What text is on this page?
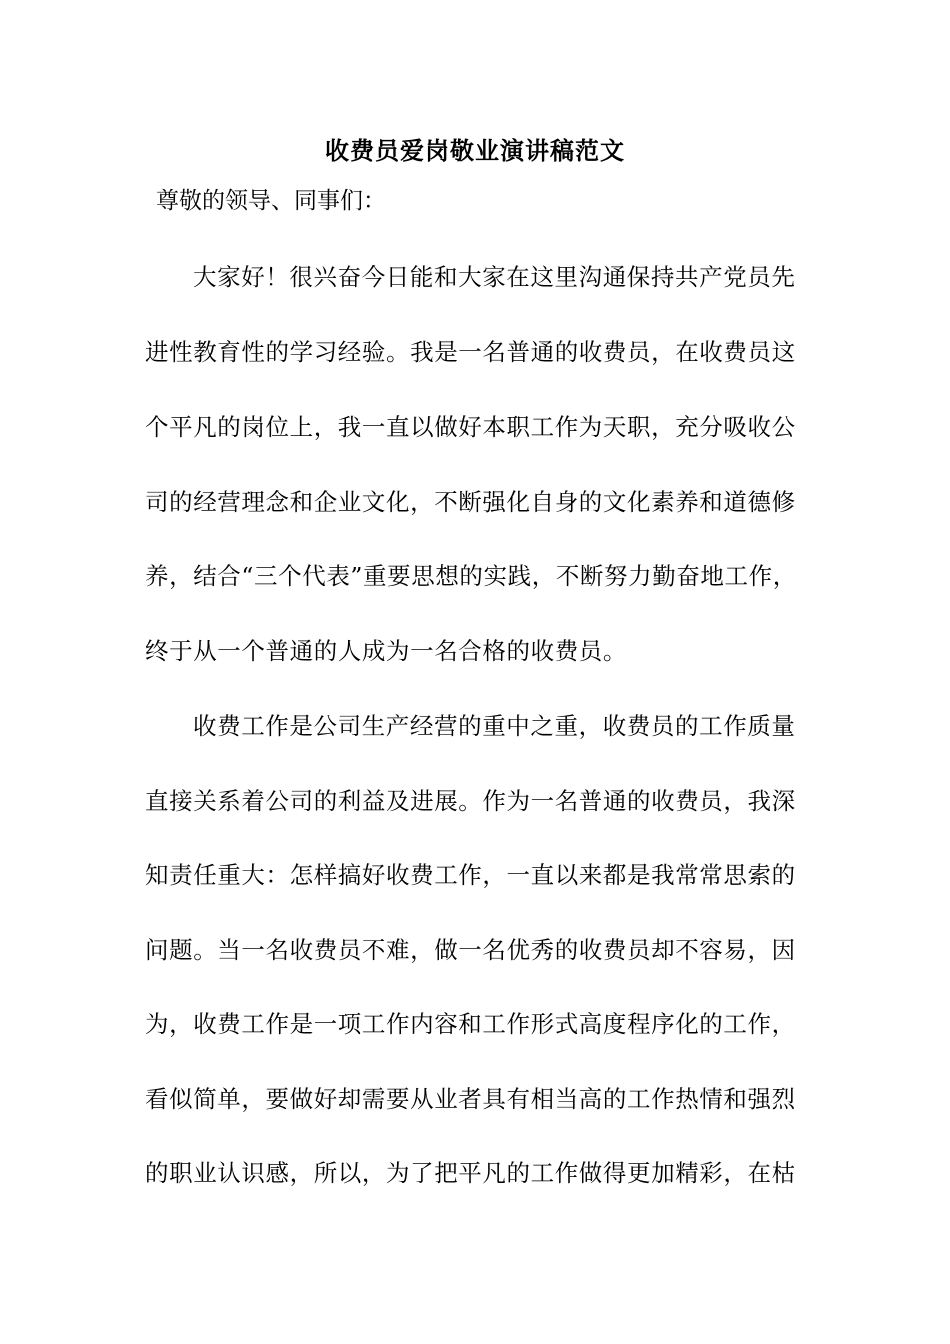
收费员爱岗敬业演讲稿范文
尊敬的领导、同事们：
大家好！很兴奋今日能和大家在这里沟通保持共产党员先
进性教育性的学习经验。我是一名普通的收费员，在收费员这
个平凡的岗位上，我一直以做好本职工作为天职，充分吸收公
司的经营理念和企业文化，不断强化自身的文化素养和道德修
养，结合“三个代表”重要思想的实践，不断努力勤奋地工作，
终于从一个普通的人成为一名合格的收费员。
收费工作是公司生产经营的重中之重，收费员的工作质量
直接关系着公司的利益及进展。作为一名普通的收费员，我深
知责任重大：怎样搞好收费工作，一直以来都是我常常思索的
问题。当一名收费员不难，做一名优秀的收费员却不容易，因
为，收费工作是一项工作内容和工作形式高度程序化的工作，
看似简单，要做好却需要从业者具有相当高的工作热情和强烈
的职业认识感，所以，为了把平凡的工作做得更加精彩，在枯
